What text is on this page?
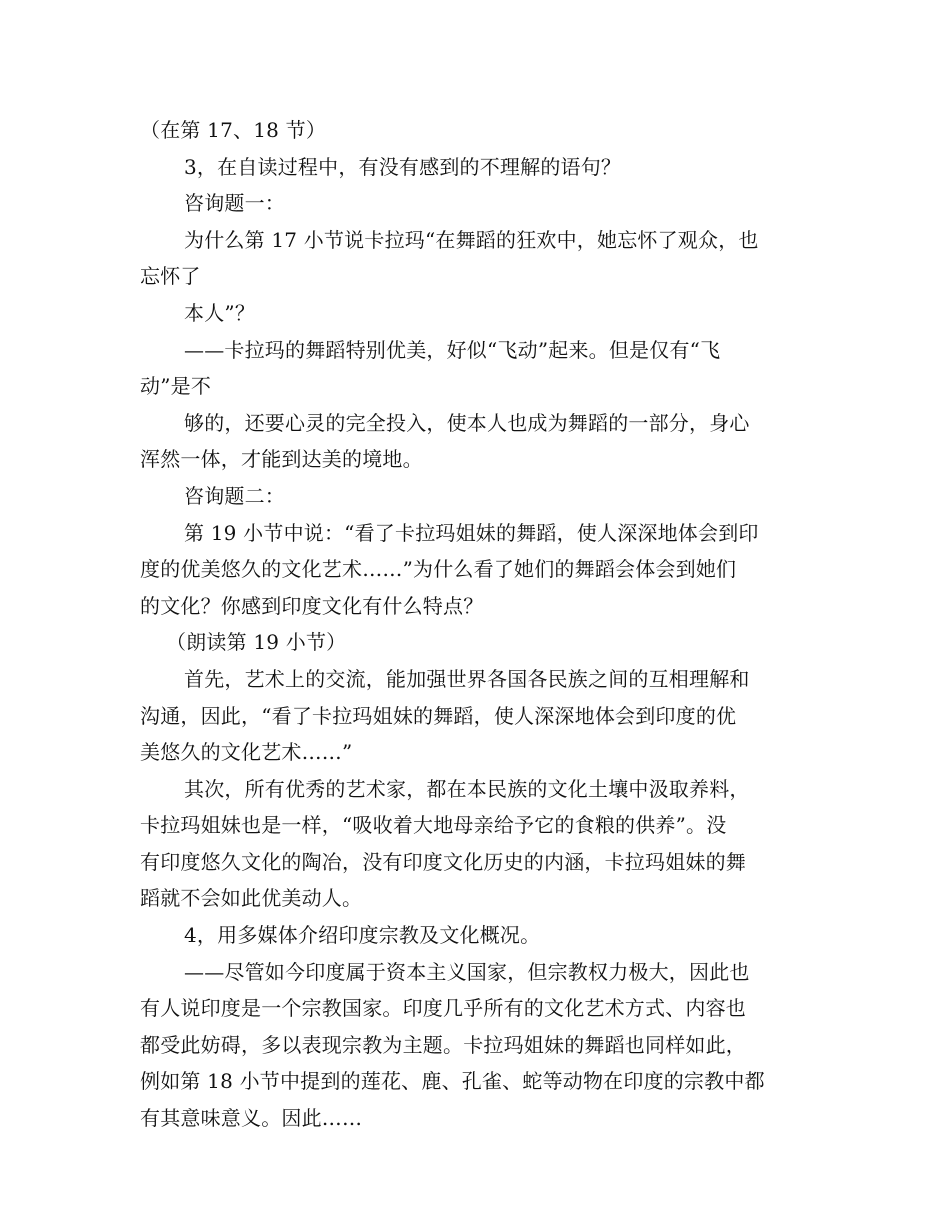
（在第 17、18 节）
3，在自读过程中，有没有感到的不理解的语句？
咨询题一：
为什么第 17 小节说卡拉玛“在舞蹈的狂欢中，她忘怀了观众，也
忘怀了
本人”？
——卡拉玛的舞蹈特别优美，好似“飞动”起来。但是仅有“飞
动”是不
够的，还要心灵的完全投入，使本人也成为舞蹈的一部分，身心
浑然一体，才能到达美的境地。
咨询题二：
第 19 小节中说：“看了卡拉玛姐妹的舞蹈，使人深深地体会到印
度的优美悠久的文化艺术……”为什么看了她们的舞蹈会体会到她们
的文化？你感到印度文化有什么特点？
（朗读第 19 小节）
首先，艺术上的交流，能加强世界各国各民族之间的互相理解和
沟通，因此，“看了卡拉玛姐妹的舞蹈，使人深深地体会到印度的优
美悠久的文化艺术……”
其次，所有优秀的艺术家，都在本民族的文化土壤中汲取养料，
卡拉玛姐妹也是一样，“吸收着大地母亲给予它的食粮的供养”。没
有印度悠久文化的陶冶，没有印度文化历史的内涵，卡拉玛姐妹的舞
蹈就不会如此优美动人。
4，用多媒体介绍印度宗教及文化概况。
——尽管如今印度属于资本主义国家，但宗教权力极大，因此也
有人说印度是一个宗教国家。印度几乎所有的文化艺术方式、内容也
都受此妨碍，多以表现宗教为主题。卡拉玛姐妹的舞蹈也同样如此，
例如第 18 小节中提到的莲花、鹿、孔雀、蛇等动物在印度的宗教中都
有其意味意义。因此……
